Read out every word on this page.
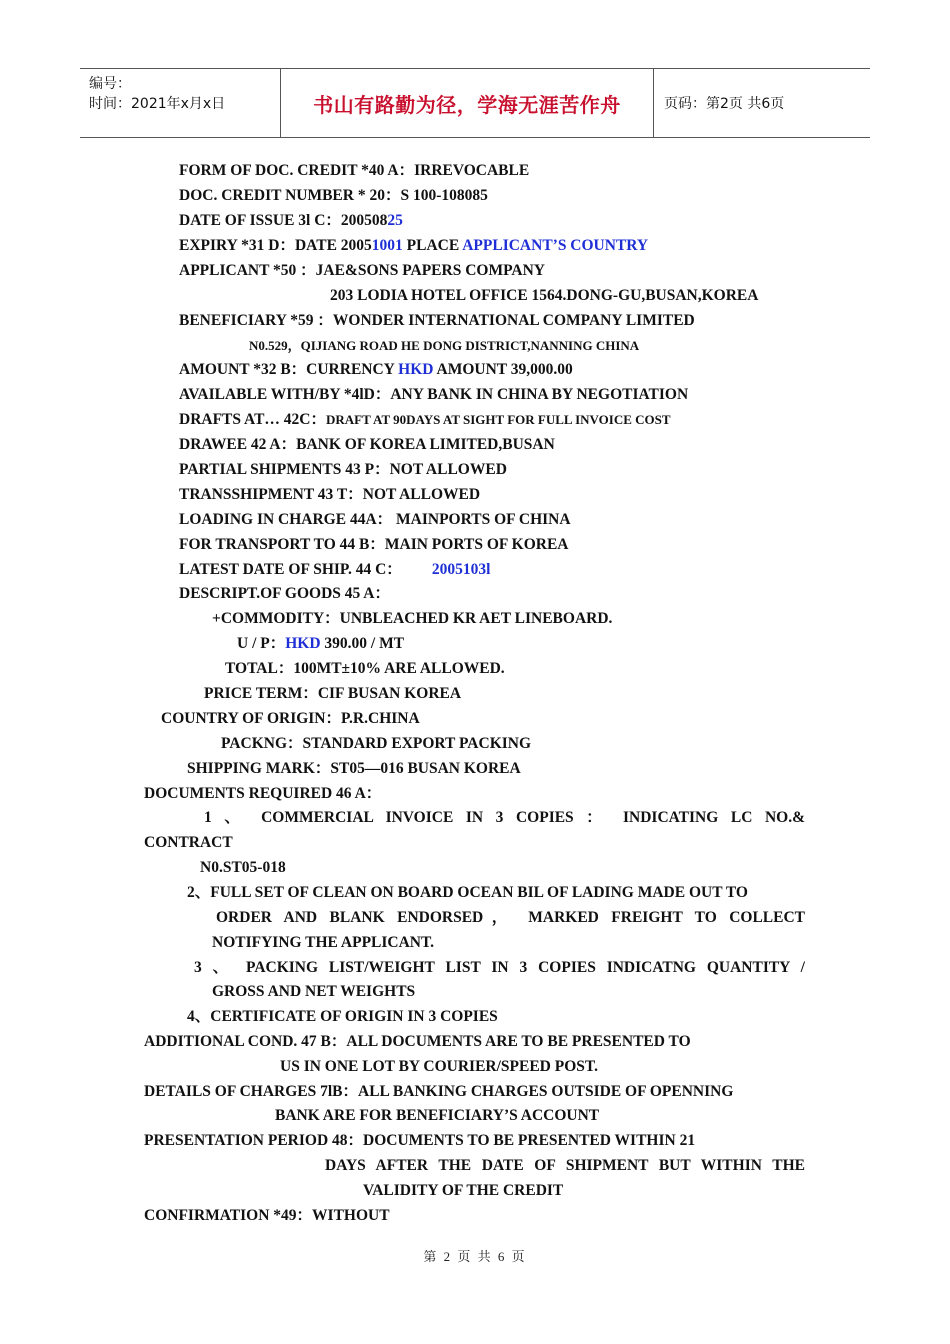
编号：
时间：2021年x月x日	书山有路勤为径，学海无涯苦作舟	页码：第2页 共6页
FORM OF DOC. CREDIT *40 A：IRREVOCABLE
DOC. CREDIT NUMBER * 20：S 100-108085
DATE OF ISSUE 3l C：20050825
EXPIRY *31 D：DATE 20051001 PLACE APPLICANT’S COUNTRY
APPLICANT *50 ：JAE&SONS PAPERS COMPANY
203 LODIA HOTEL OFFICE 1564.DONG-GU,BUSAN,KOREA
BENEFICIARY *59 ：WONDER INTERNATIONAL COMPANY LIMITED
N0.529，QIJIANG ROAD HE DONG DISTRICT,NANNING CHINA
AMOUNT *32 B：CURRENCY HKD AMOUNT 39,000.00
AVAILABLE WITH/BY *4lD：ANY BANK IN CHINA BY NEGOTIATION
DRAFTS AT… 42C：DRAFT AT 90DAYS AT SIGHT FOR FULL INVOICE COST
DRAWEE 42 A：BANK OF KOREA LIMITED,BUSAN
PARTIAL SHIPMENTS 43 P：NOT ALLOWED
TRANSSHIPMENT 43 T：NOT ALLOWED
LOADING IN CHARGE 44A： MAINPORTS OF CHINA
FOR TRANSPORT TO 44 B：MAIN PORTS OF KOREA
LATEST DATE OF SHIP. 44 C： 2005103l
DESCRIPT.OF GOODS 45 A：
+COMMODITY：UNBLEACHED KR AET LINEBOARD.
U / P：HKD 390.00 / MT
TOTAL：100MT±10% ARE ALLOWED.
PRICE TERM：CIF BUSAN KOREA
COUNTRY OF ORIGIN：P.R.CHINA
PACKNG：STANDARD EXPORT PACKING
SHIPPING MARK：ST05—016 BUSAN KOREA
DOCUMENTS REQUIRED 46 A：
1 、 COMMERCIAL INVOICE IN 3 COPIES ： INDICATING LC NO.&
CONTRACT
N0.ST05-018
2、FULL SET OF CLEAN ON BOARD OCEAN BIL OF LADING MADE OUT TO
ORDER AND BLANK ENDORSED， MARKED FREIGHT TO COLLECT
NOTIFYING THE APPLICANT.
3 、 PACKING LIST/WEIGHT LIST IN 3 COPIES INDICATNG QUANTITY /
GROSS AND NET WEIGHTS
4、CERTIFICATE OF ORIGIN IN 3 COPIES
ADDITIONAL COND. 47 B：ALL DOCUMENTS ARE TO BE PRESENTED TO
US IN ONE LOT BY COURIER/SPEED POST.
DETAILS OF CHARGES 7lB：ALL BANKING CHARGES OUTSIDE OF OPENNING
BANK ARE FOR BENEFICIARY’S ACCOUNT
PRESENTATION PERIOD 48：DOCUMENTS TO BE PRESENTED WITHIN 21
DAYS AFTER THE DATE OF SHIPMENT BUT WITHIN THE
VALIDITY OF THE CREDIT
CONFIRMATION *49：WITHOUT
第 2 页 共 6 页
